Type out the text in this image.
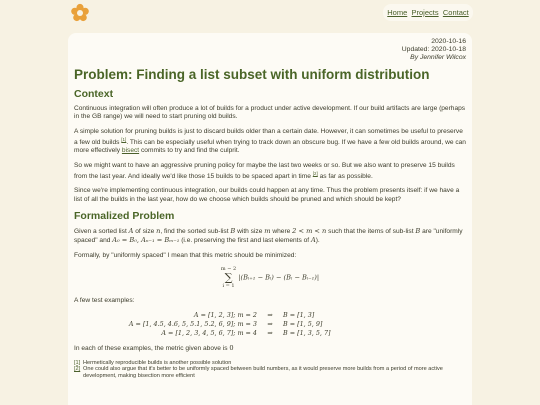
Home Projects Contact
2020-10-16
Updated: 2020-10-18
By Jennifer Wilcox
Problem: Finding a list subset with uniform distribution
Context

Continuous integration will often produce a lot of builds for a product under active development. If our build artifacts are large (perhaps in the GB range) we will need to start pruning old builds.

A simple solution for pruning builds is just to discard builds older than a certain date. However, it can sometimes be useful to preserve a few old builds [1]. This can be especially useful when trying to track down an obscure bug. If we have a few old builds around, we can more effectively bisect commits to try and find the culprit.

So we might want to have an aggressive pruning policy for maybe the last two weeks or so. But we also want to preserve 15 builds from the last year. And ideally we'd like those 15 builds to be spaced apart in time [2] as far as possible.

Since we're implementing continuous integration, our builds could happen at any time. Thus the problem presents itself: if we have a list of all the builds in the last year, how do we choose which builds should be pruned and which should be kept?

Formalized Problem

Given a sorted list A of size n, find the sorted sub-list B with size m where 2 < m < n such that the items of sub-list B are "uniformly spaced" and A₀ = B₀, Aₙ₋₁ = Bₘ₋₁ (i.e. preserving the first and last elements of A).

Formally, by "uniformly spaced" I mean that this metric should be minimized:

m − 2
∑
i = 1
|(Bᵢ₊₁ − Bᵢ) − (Bᵢ − Bᵢ₋₁)|

A few test examples:

A = [1, 2, 3]; m = 2	⇒	B = [1, 3]
A = [1, 4.5, 4.6, 5, 5.1, 5.2, 6, 9]; m = 3	⇒	B = [1, 5, 9]
A = [1, 2, 3, 4, 5, 6, 7]; m = 4	⇒	B = [1, 3, 5, 7]

In each of these examples, the metric given above is 0

[1] Hermetically reproducible builds is another possible solution
[2] One could also argue that it's better to be uniformly spaced between build numbers, as it would preserve more builds from a period of more active development, making bisection more efficient
